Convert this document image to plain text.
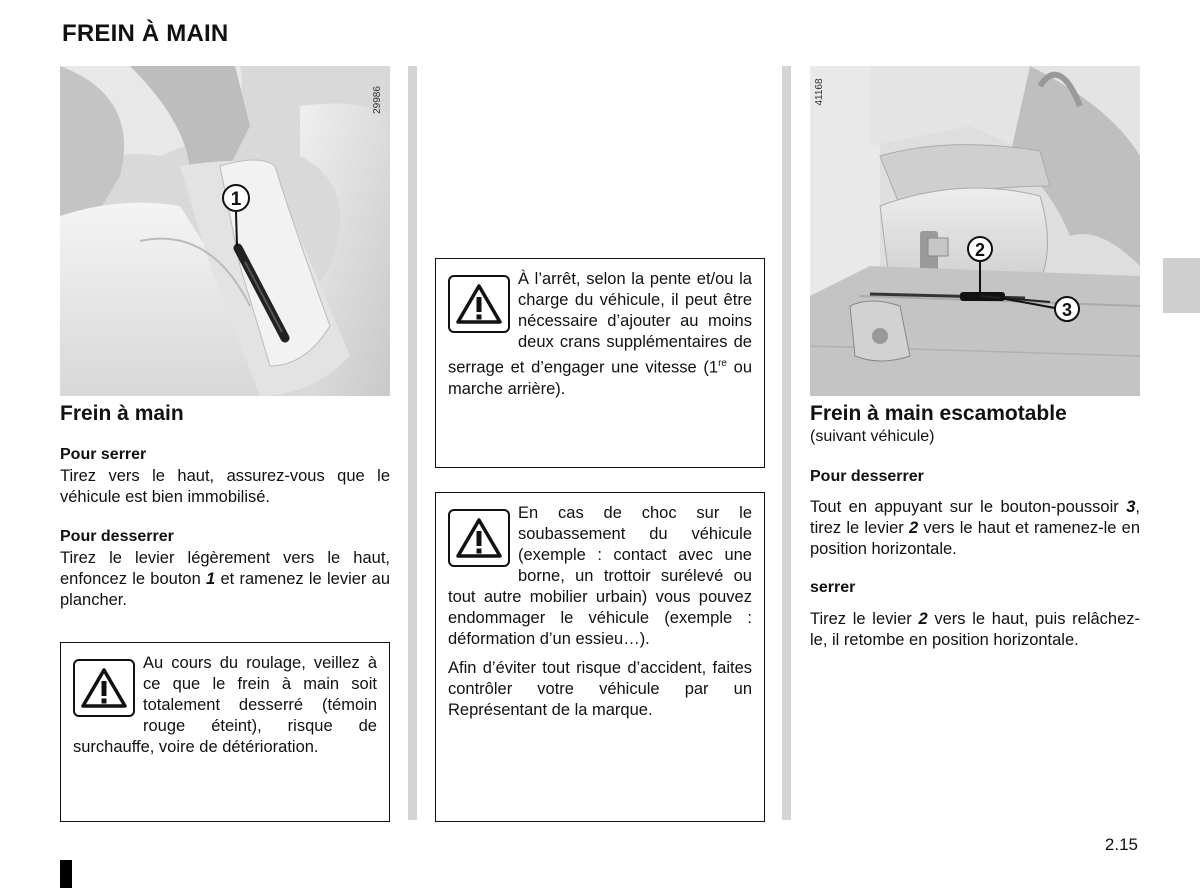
FREIN À MAIN
1
29986
Frein à main
Pour serrer
Tirez vers le haut, assurez-vous que le véhicule est bien immobilisé.
Pour desserrer
Tirez le levier légèrement vers le haut, enfoncez le bouton 1 et ramenez le levier au plancher.

Au cours du roulage, veillez à ce que le frein à main soit totalement desserré (témoin rouge éteint), risque de surchauffe, voire de détérioration.

À l’arrêt, selon la pente et/ou la charge du véhicule, il peut être nécessaire d’ajouter au moins deux crans supplémentaires de serrage et d’engager une vitesse (1re ou marche arrière).

En cas de choc sur le soubassement du véhicule (exemple : contact avec une borne, un trottoir surélevé ou tout autre mobilier urbain) vous pouvez endommager le véhicule (exemple : déformation d’un essieu…).

Afin d’éviter tout risque d’accident, faites contrôler votre véhicule par un Représentant de la marque.

2
3
41168
Frein à main escamotable
(suivant véhicule)
Pour desserrer
Tout en appuyant sur le bouton-poussoir 3, tirez le levier 2 vers le haut et ramenez-le en position horizontale.
serrer
Tirez le levier 2 vers le haut, puis relâchez-le, il retombe en position horizontale.
2.15
